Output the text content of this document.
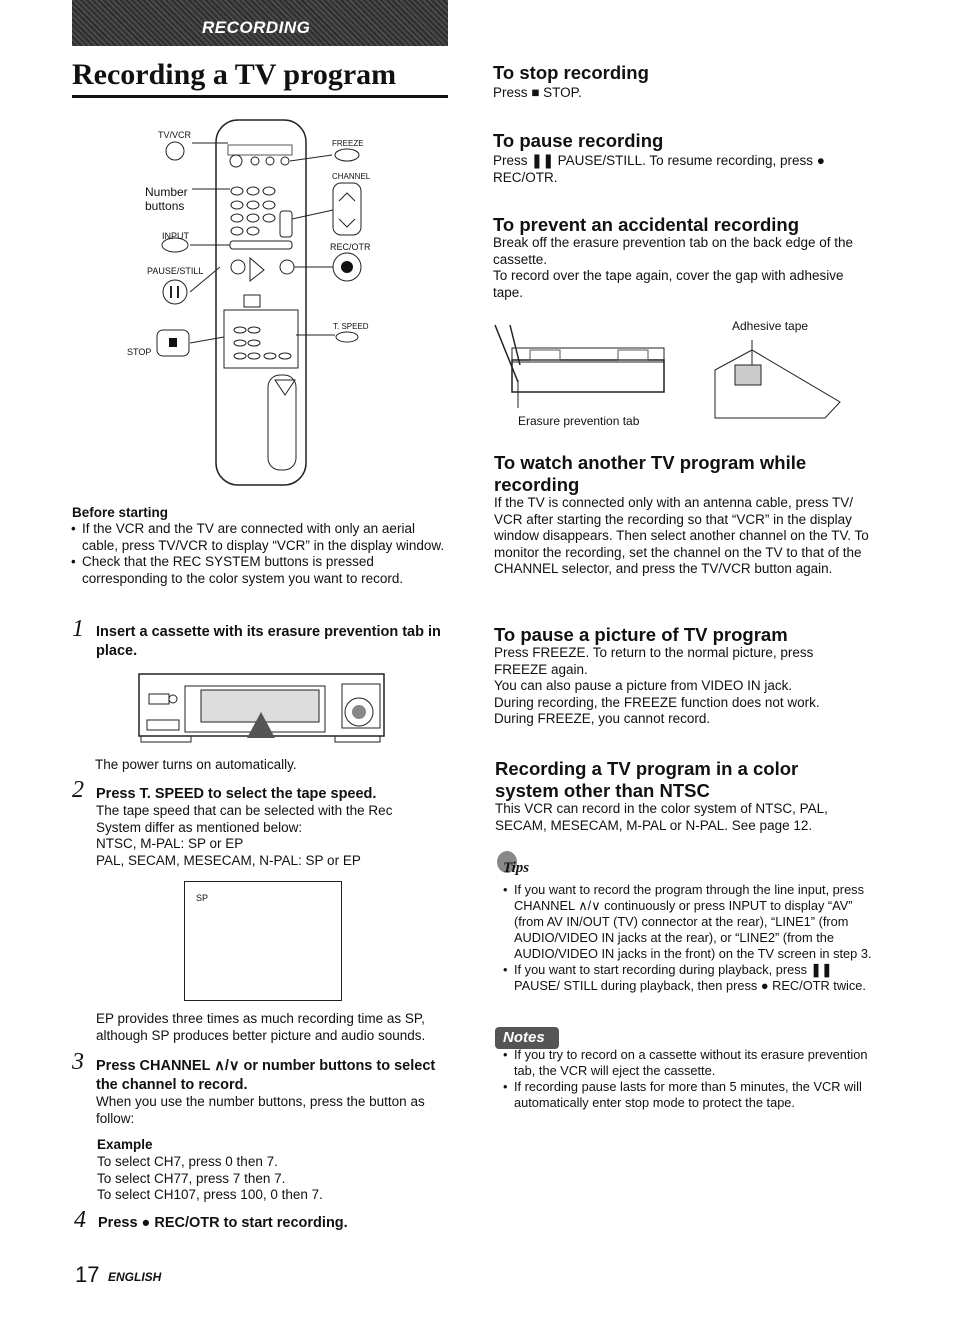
RECORDING
Recording a TV program
TV/VCR
Number
buttons
INPUT
PAUSE/STILL
STOP
FREEZE
CHANNEL
REC/OTR
T. SPEED
Before starting
• If the VCR and the TV are connected with only an aerial cable, press TV/VCR to display “VCR” in the display window.
• Check that the REC SYSTEM buttons is pressed corresponding to the color system you want to record.
1 Insert a cassette with its erasure prevention tab in place.
The power turns on automatically.
2 Press T. SPEED to select the tape speed.
The tape speed that can be selected with the Rec
System differ as mentioned below:
NTSC, M-PAL: SP or EP
PAL, SECAM, MESECAM, N-PAL: SP or EP
SP
EP provides three times as much recording time as SP, although SP produces better picture and audio sounds.
3 Press CHANNEL ∧/∨ or number buttons to select the channel to record.
When you use the number buttons, press the button as follow:
Example
To select CH7, press 0 then 7.
To select CH77, press 7 then 7.
To select CH107, press 100, 0 then 7.
4 Press ● REC/OTR to start recording.
17 ENGLISH
To stop recording
Press ■ STOP.
To pause recording
Press ❚❚ PAUSE/STILL. To resume recording, press ●
REC/OTR.
To prevent an accidental recording
Break off the erasure prevention tab on the back edge of the cassette.
To record over the tape again, cover the gap with adhesive tape.
Adhesive tape
Erasure prevention tab
To watch another TV program while recording
If the TV is connected only with an antenna cable, press TV/ VCR after starting the recording so that “VCR” in the display window disappears. Then select another channel on the TV. To monitor the recording, set the channel on the TV to that of the CHANNEL selector, and press the TV/VCR button again.
To pause a picture of TV program
Press FREEZE. To return to the normal picture, press FREEZE again.
You can also pause a picture from VIDEO IN jack.
During recording, the FREEZE function does not work.
During FREEZE, you cannot record.
Recording a TV program in a color system other than NTSC
This VCR can record in the color system of NTSC, PAL, SECAM, MESECAM, M-PAL or N-PAL. See page 12.
Tips
• If you want to record the program through the line input, press CHANNEL ∧/∨ continuously or press INPUT to display “AV” (from AV IN/OUT (TV) connector at the rear), “LINE1” (from AUDIO/VIDEO IN jacks at the rear), or “LINE2” (from the AUDIO/VIDEO IN jacks in the front) on the TV screen in step 3.
• If you want to start recording during playback, press ❚❚ PAUSE/ STILL during playback, then press ● REC/OTR twice.
Notes
• If you try to record on a cassette without its erasure prevention tab, the VCR will eject the cassette.
• If recording pause lasts for more than 5 minutes, the VCR will automatically enter stop mode to protect the tape.
